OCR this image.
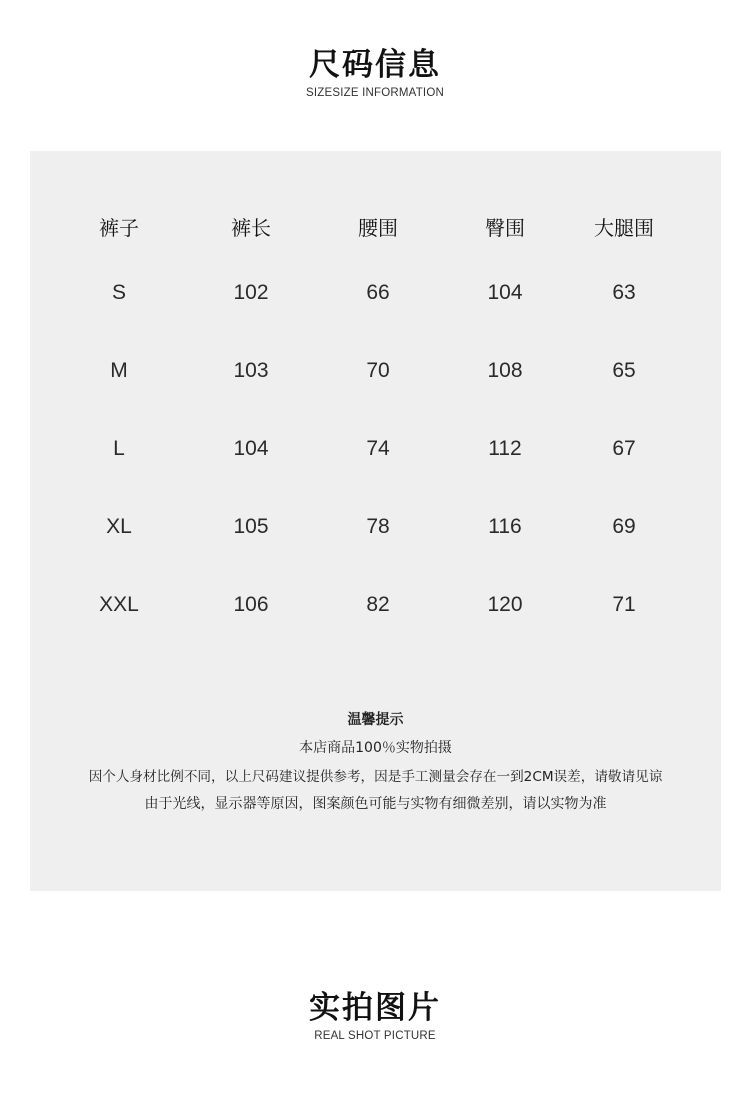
尺码信息
SIZESIZE INFORMATION
裤子	裤长	腰围	臀围	大腿围
S	102	66	104	63
M	103	70	108	65
L	104	74	112	67
XL	105	78	116	69
XXL	106	82	120	71
温馨提示
本店商品100％实物拍摄
因个人身材比例不同，以上尺码建议提供参考，因是手工测量会存在一到2CM误差，请敬请见谅
由于光线，显示器等原因，图案颜色可能与实物有细微差别，请以实物为准
实拍图片
REAL SHOT PICTURE
